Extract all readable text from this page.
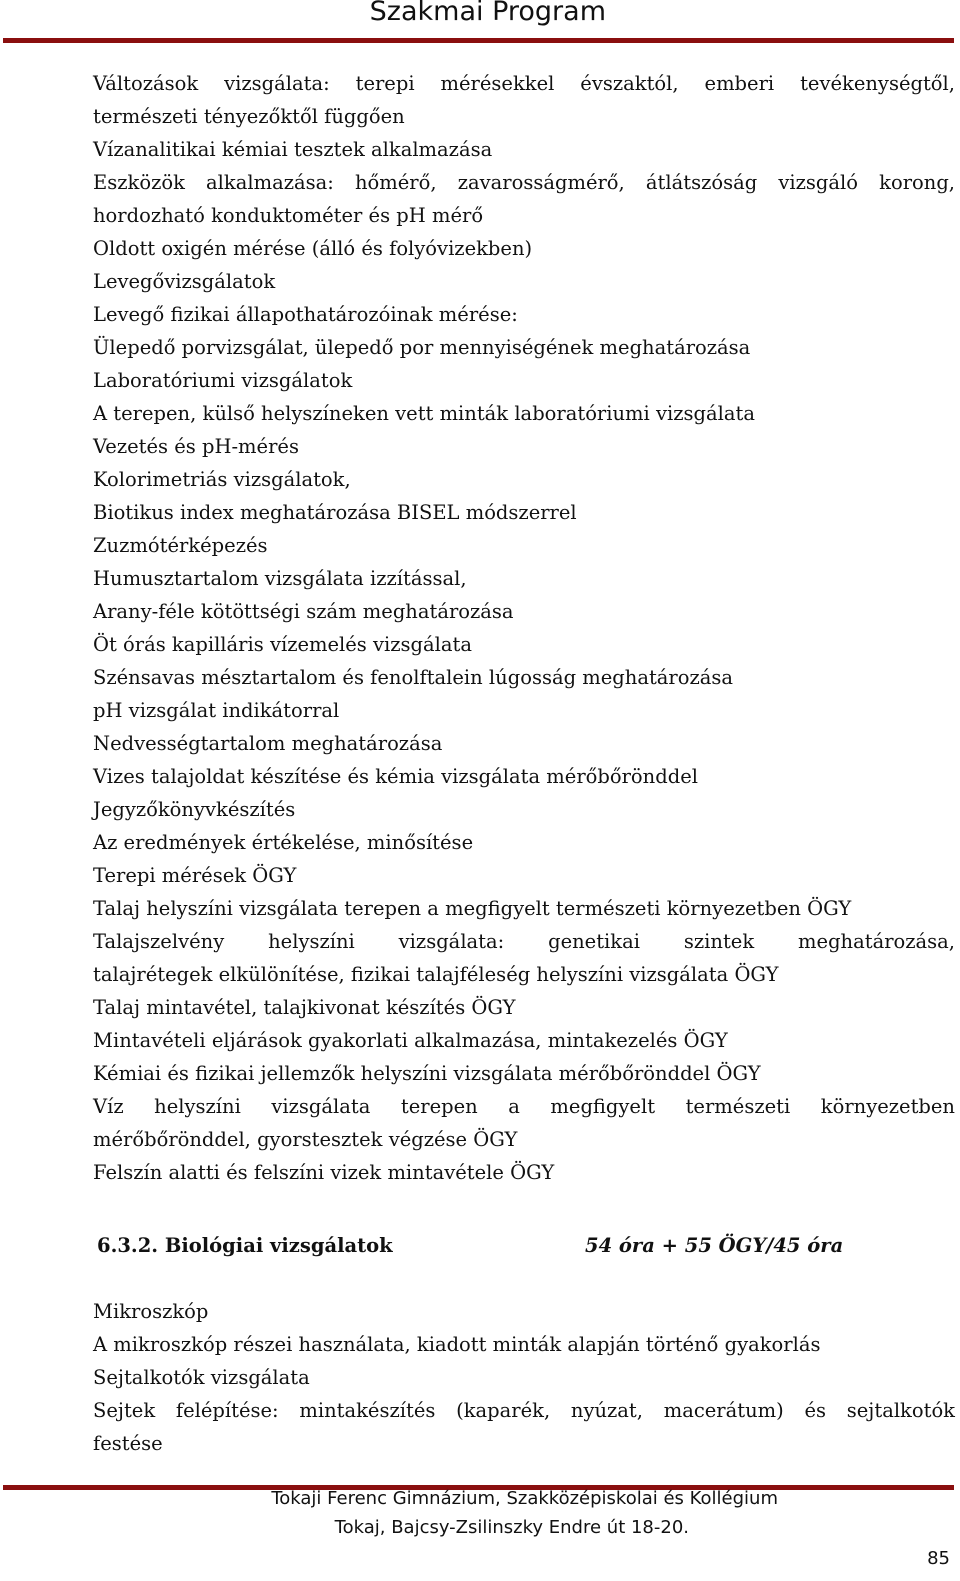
Szakmai Program

Változások vizsgálata: terepi mérésekkel évszaktól, emberi tevékenységtől,

természeti tényezőktől függően

Vízanalitikai kémiai tesztek alkalmazása

Eszközök alkalmazása: hőmérő, zavarosságmérő, átlátszóság vizsgáló korong,

hordozható konduktométer és pH mérő

Oldott oxigén mérése (álló és folyóvizekben)

Levegővizsgálatok

Levegő fizikai állapothatározóinak mérése:

Ülepedő porvizsgálat, ülepedő por mennyiségének meghatározása

Laboratóriumi vizsgálatok

A terepen, külső helyszíneken vett minták laboratóriumi vizsgálata

Vezetés és pH-mérés

Kolorimetriás vizsgálatok,

Biotikus index meghatározása BISEL módszerrel

Zuzmótérképezés

Humusztartalom vizsgálata izzítással,

Arany-féle kötöttségi szám meghatározása

Öt órás kapilláris vízemelés vizsgálata

Szénsavas mésztartalom és fenolftalein lúgosság meghatározása

pH vizsgálat indikátorral

Nedvességtartalom meghatározása

Vizes talajoldat készítése és kémia vizsgálata mérőbőrönddel

Jegyzőkönyvkészítés

Az eredmények értékelése, minősítése

Terepi mérések ÖGY

Talaj helyszíni vizsgálata terepen a megfigyelt természeti környezetben ÖGY

Talajszelvény helyszíni vizsgálata: genetikai szintek meghatározása,

talajrétegek elkülönítése, fizikai talajféleség helyszíni vizsgálata ÖGY

Talaj mintavétel, talajkivonat készítés ÖGY

Mintavételi eljárások gyakorlati alkalmazása, mintakezelés ÖGY

Kémiai és fizikai jellemzők helyszíni vizsgálata mérőbőrönddel ÖGY

Víz helyszíni vizsgálata terepen a megfigyelt természeti környezetben

mérőbőrönddel, gyorstesztek végzése ÖGY

Felszín alatti és felszíni vizek mintavétele ÖGY

6.3.2. Biológiai vizsgálatok	54 óra + 55 ÖGY/45 óra

Mikroszkóp

A mikroszkóp részei használata, kiadott minták alapján történő gyakorlás

Sejtalkotók vizsgálata

Sejtek felépítése: mintakészítés (kaparék, nyúzat, macerátum) és sejtalkotók

festése

Tokaji Ferenc Gimnázium, Szakközépiskolai és Kollégium
Tokaj, Bajcsy-Zsilinszky Endre út 18-20.
85
